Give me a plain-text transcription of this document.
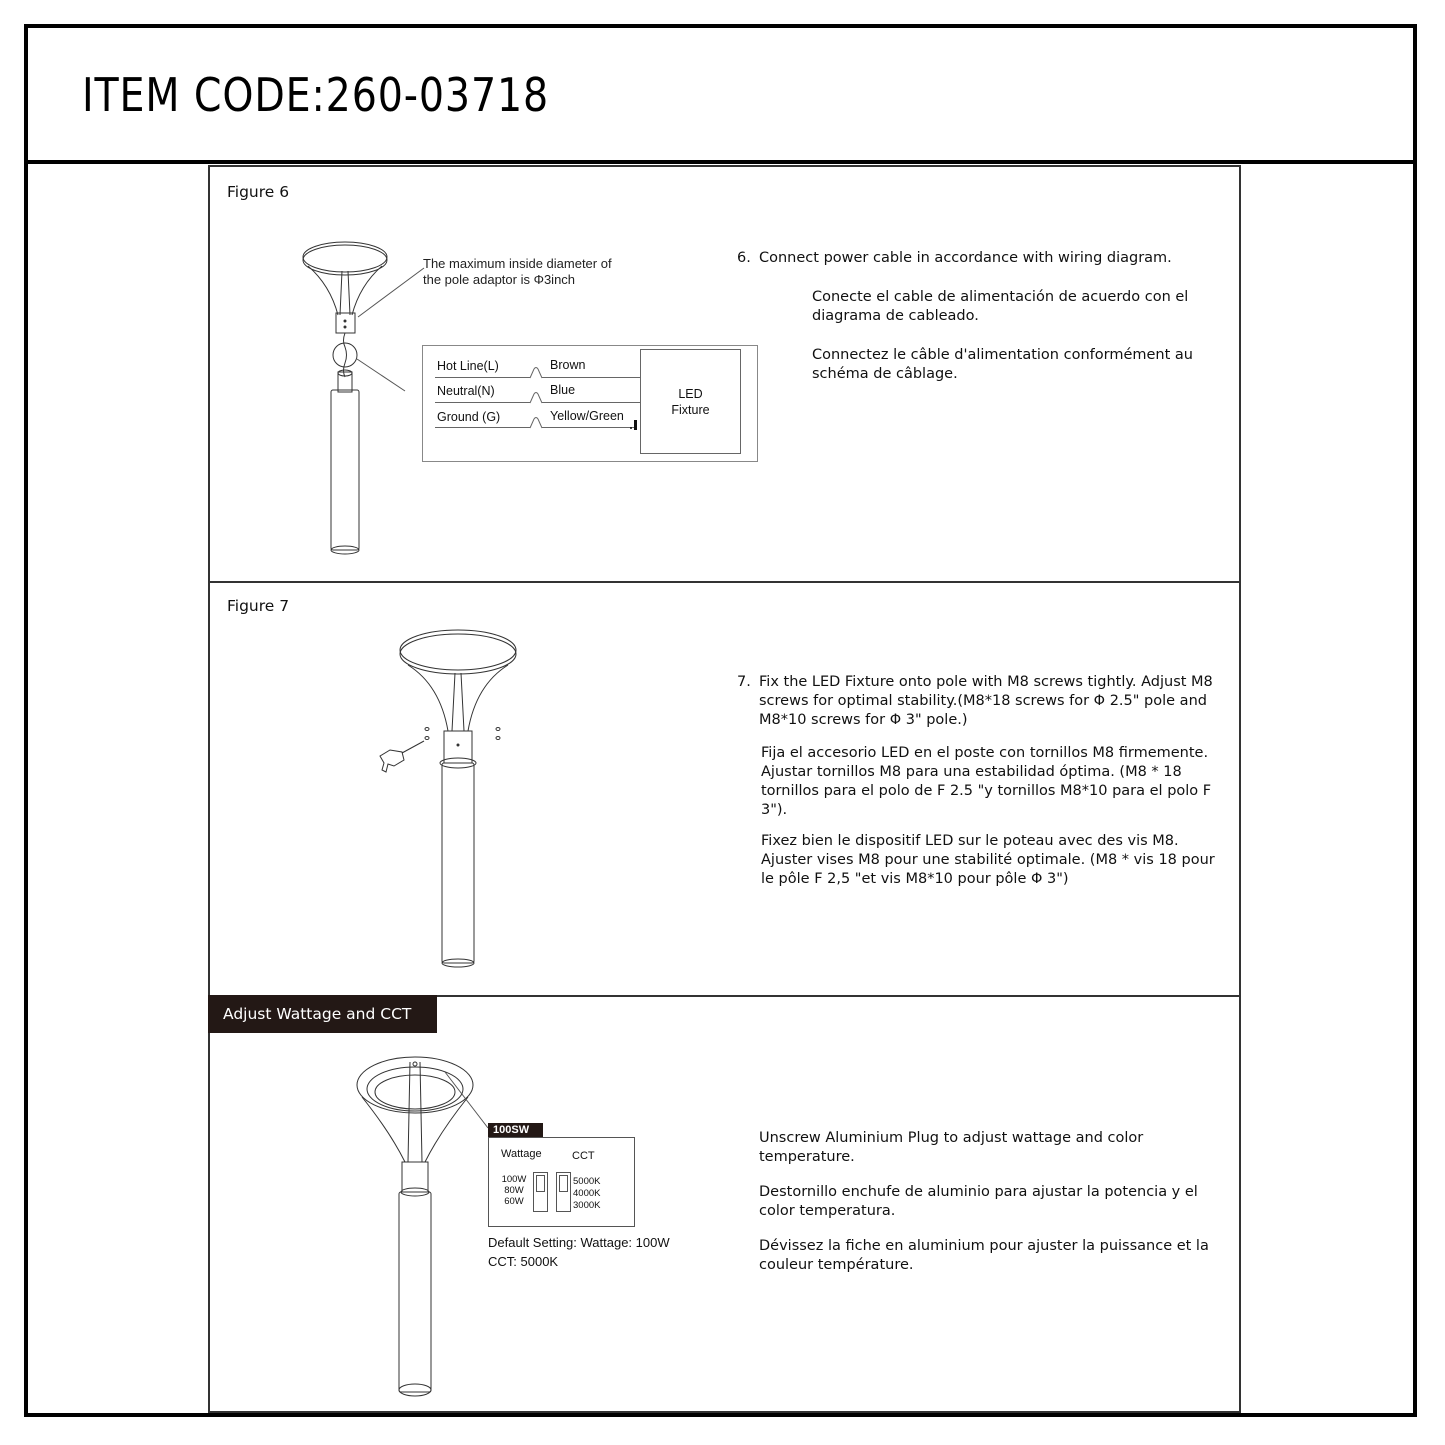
ITEM CODE:260-03718
Figure 6
The maximum inside diameter of
the pole adaptor is Φ3inch
Hot Line(L)	Brown
Neutral(N)	Blue
Ground (G)	Yellow/Green
LED
Fixture

6. Connect power cable in accordance with wiring diagram.

Conecte el cable de alimentación de acuerdo con el diagrama de cableado.

Connectez le câble d'alimentation conformément au schéma de câblage.

Figure 7
7. Fix the LED Fixture onto pole with M8 screws tightly. Adjust M8 screws for optimal stability.(M8*18 screws for Φ 2.5" pole and M8*10 screws for Φ 3" pole.)

Fija el accesorio LED en el poste con tornillos M8 firmemente. Ajustar tornillos M8 para una estabilidad óptima. (M8 * 18 tornillos para el polo de F 2.5 "y tornillos M8*10 para el polo F 3").

Fixez bien le dispositif LED sur le poteau avec des vis M8. Ajuster vises M8 pour une stabilité optimale. (M8 * vis 18 pour le pôle F 2,5 "et vis M8*10 pour pôle Φ 3")

Adjust Wattage and CCT
100SW
Wattage	CCT
100W
80W
60W
5000K
4000K
3000K
Default Setting: Wattage: 100W
CCT: 5000K

Unscrew Aluminium Plug to adjust wattage and color temperature.

Destornillo enchufe de aluminio para ajustar la potencia y el color temperatura.

Dévissez la fiche en aluminium pour ajuster la puissance et la couleur température.
